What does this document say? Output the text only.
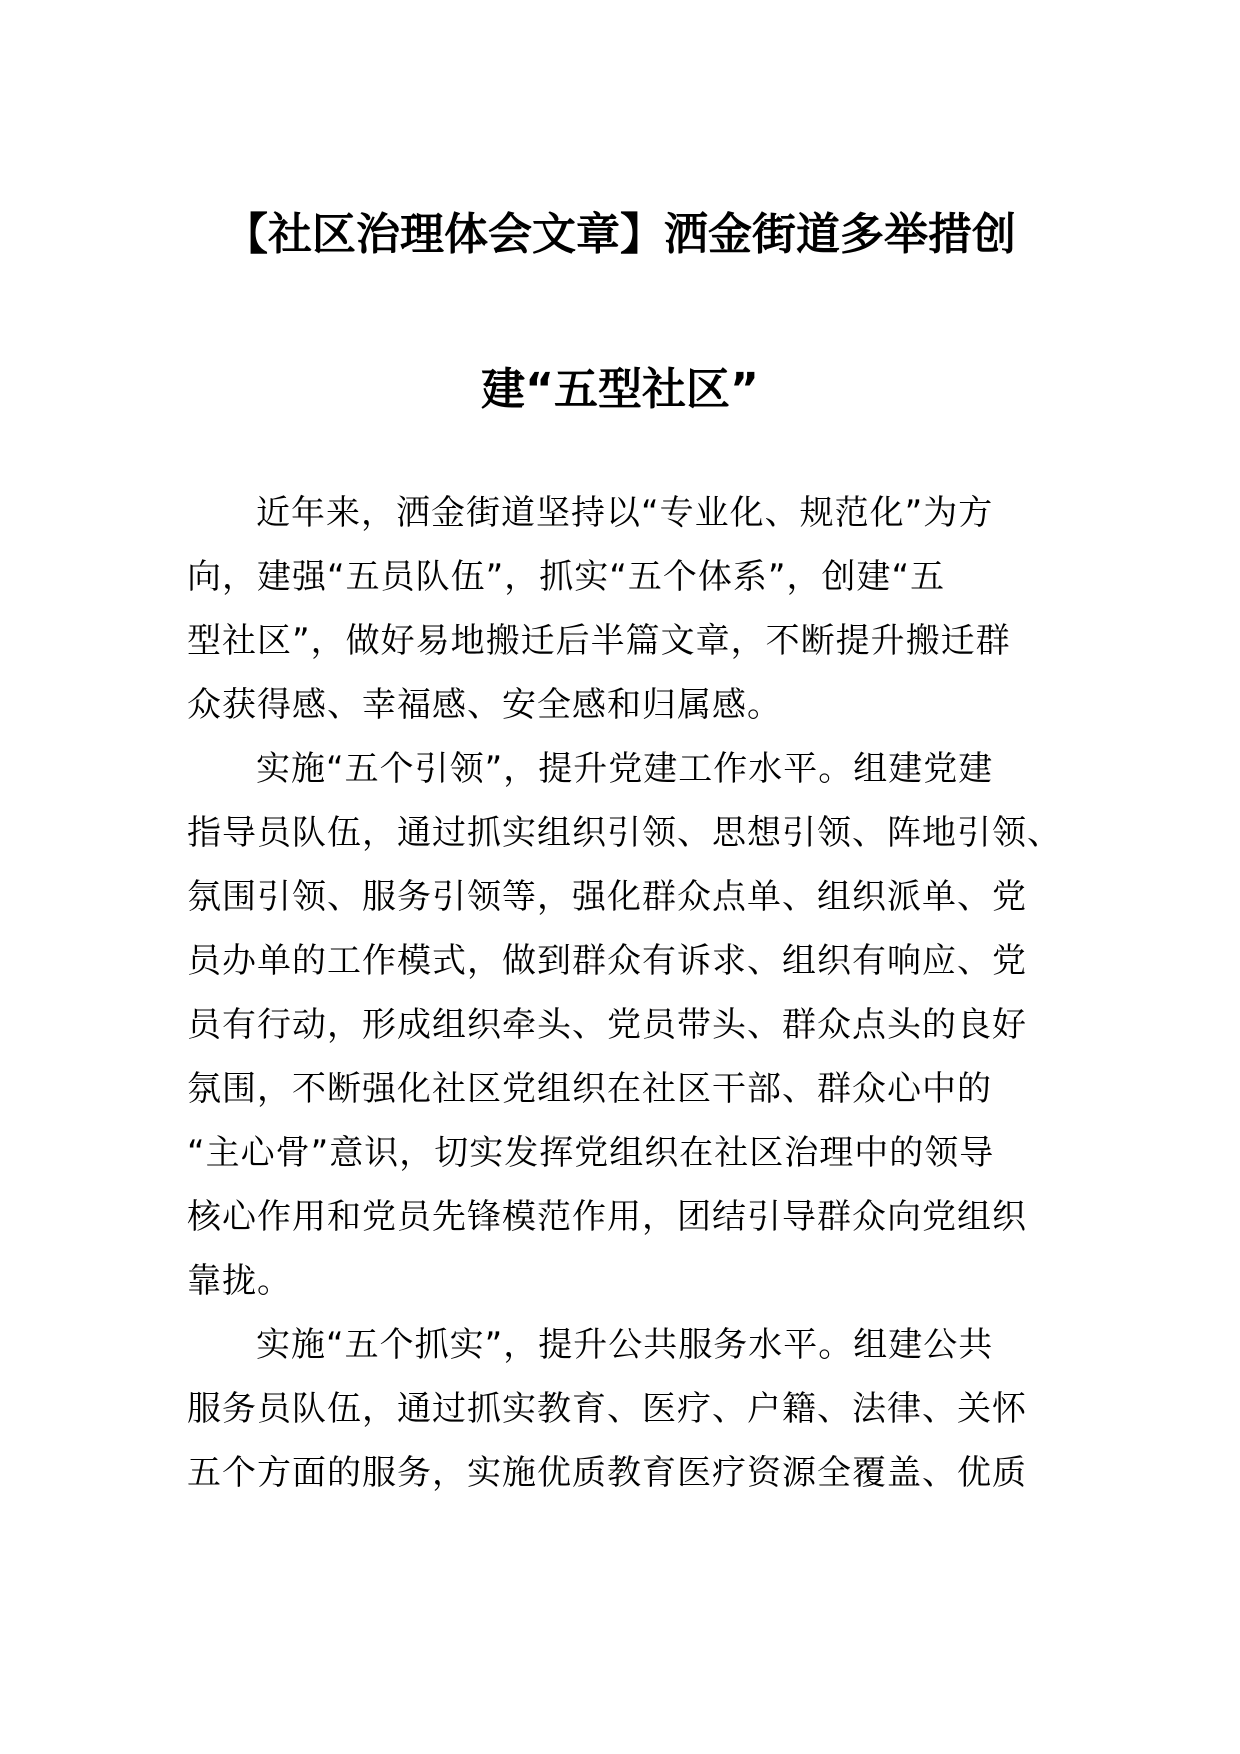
【社区治理体会文章】洒金街道多举措创
建“五型社区”
近年来，洒金街道坚持以“专业化、规范化”为方
向，建强“五员队伍”，抓实“五个体系”，创建“五
型社区”，做好易地搬迁后半篇文章，不断提升搬迁群
众获得感、幸福感、安全感和归属感。
实施“五个引领”，提升党建工作水平。组建党建
指导员队伍，通过抓实组织引领、思想引领、阵地引领、
氛围引领、服务引领等，强化群众点单、组织派单、党
员办单的工作模式，做到群众有诉求、组织有响应、党
员有行动，形成组织牵头、党员带头、群众点头的良好
氛围，不断强化社区党组织在社区干部、群众心中的
“主心骨”意识，切实发挥党组织在社区治理中的领导
核心作用和党员先锋模范作用，团结引导群众向党组织
靠拢。
实施“五个抓实”，提升公共服务水平。组建公共
服务员队伍，通过抓实教育、医疗、户籍、法律、关怀
五个方面的服务，实施优质教育医疗资源全覆盖、优质
